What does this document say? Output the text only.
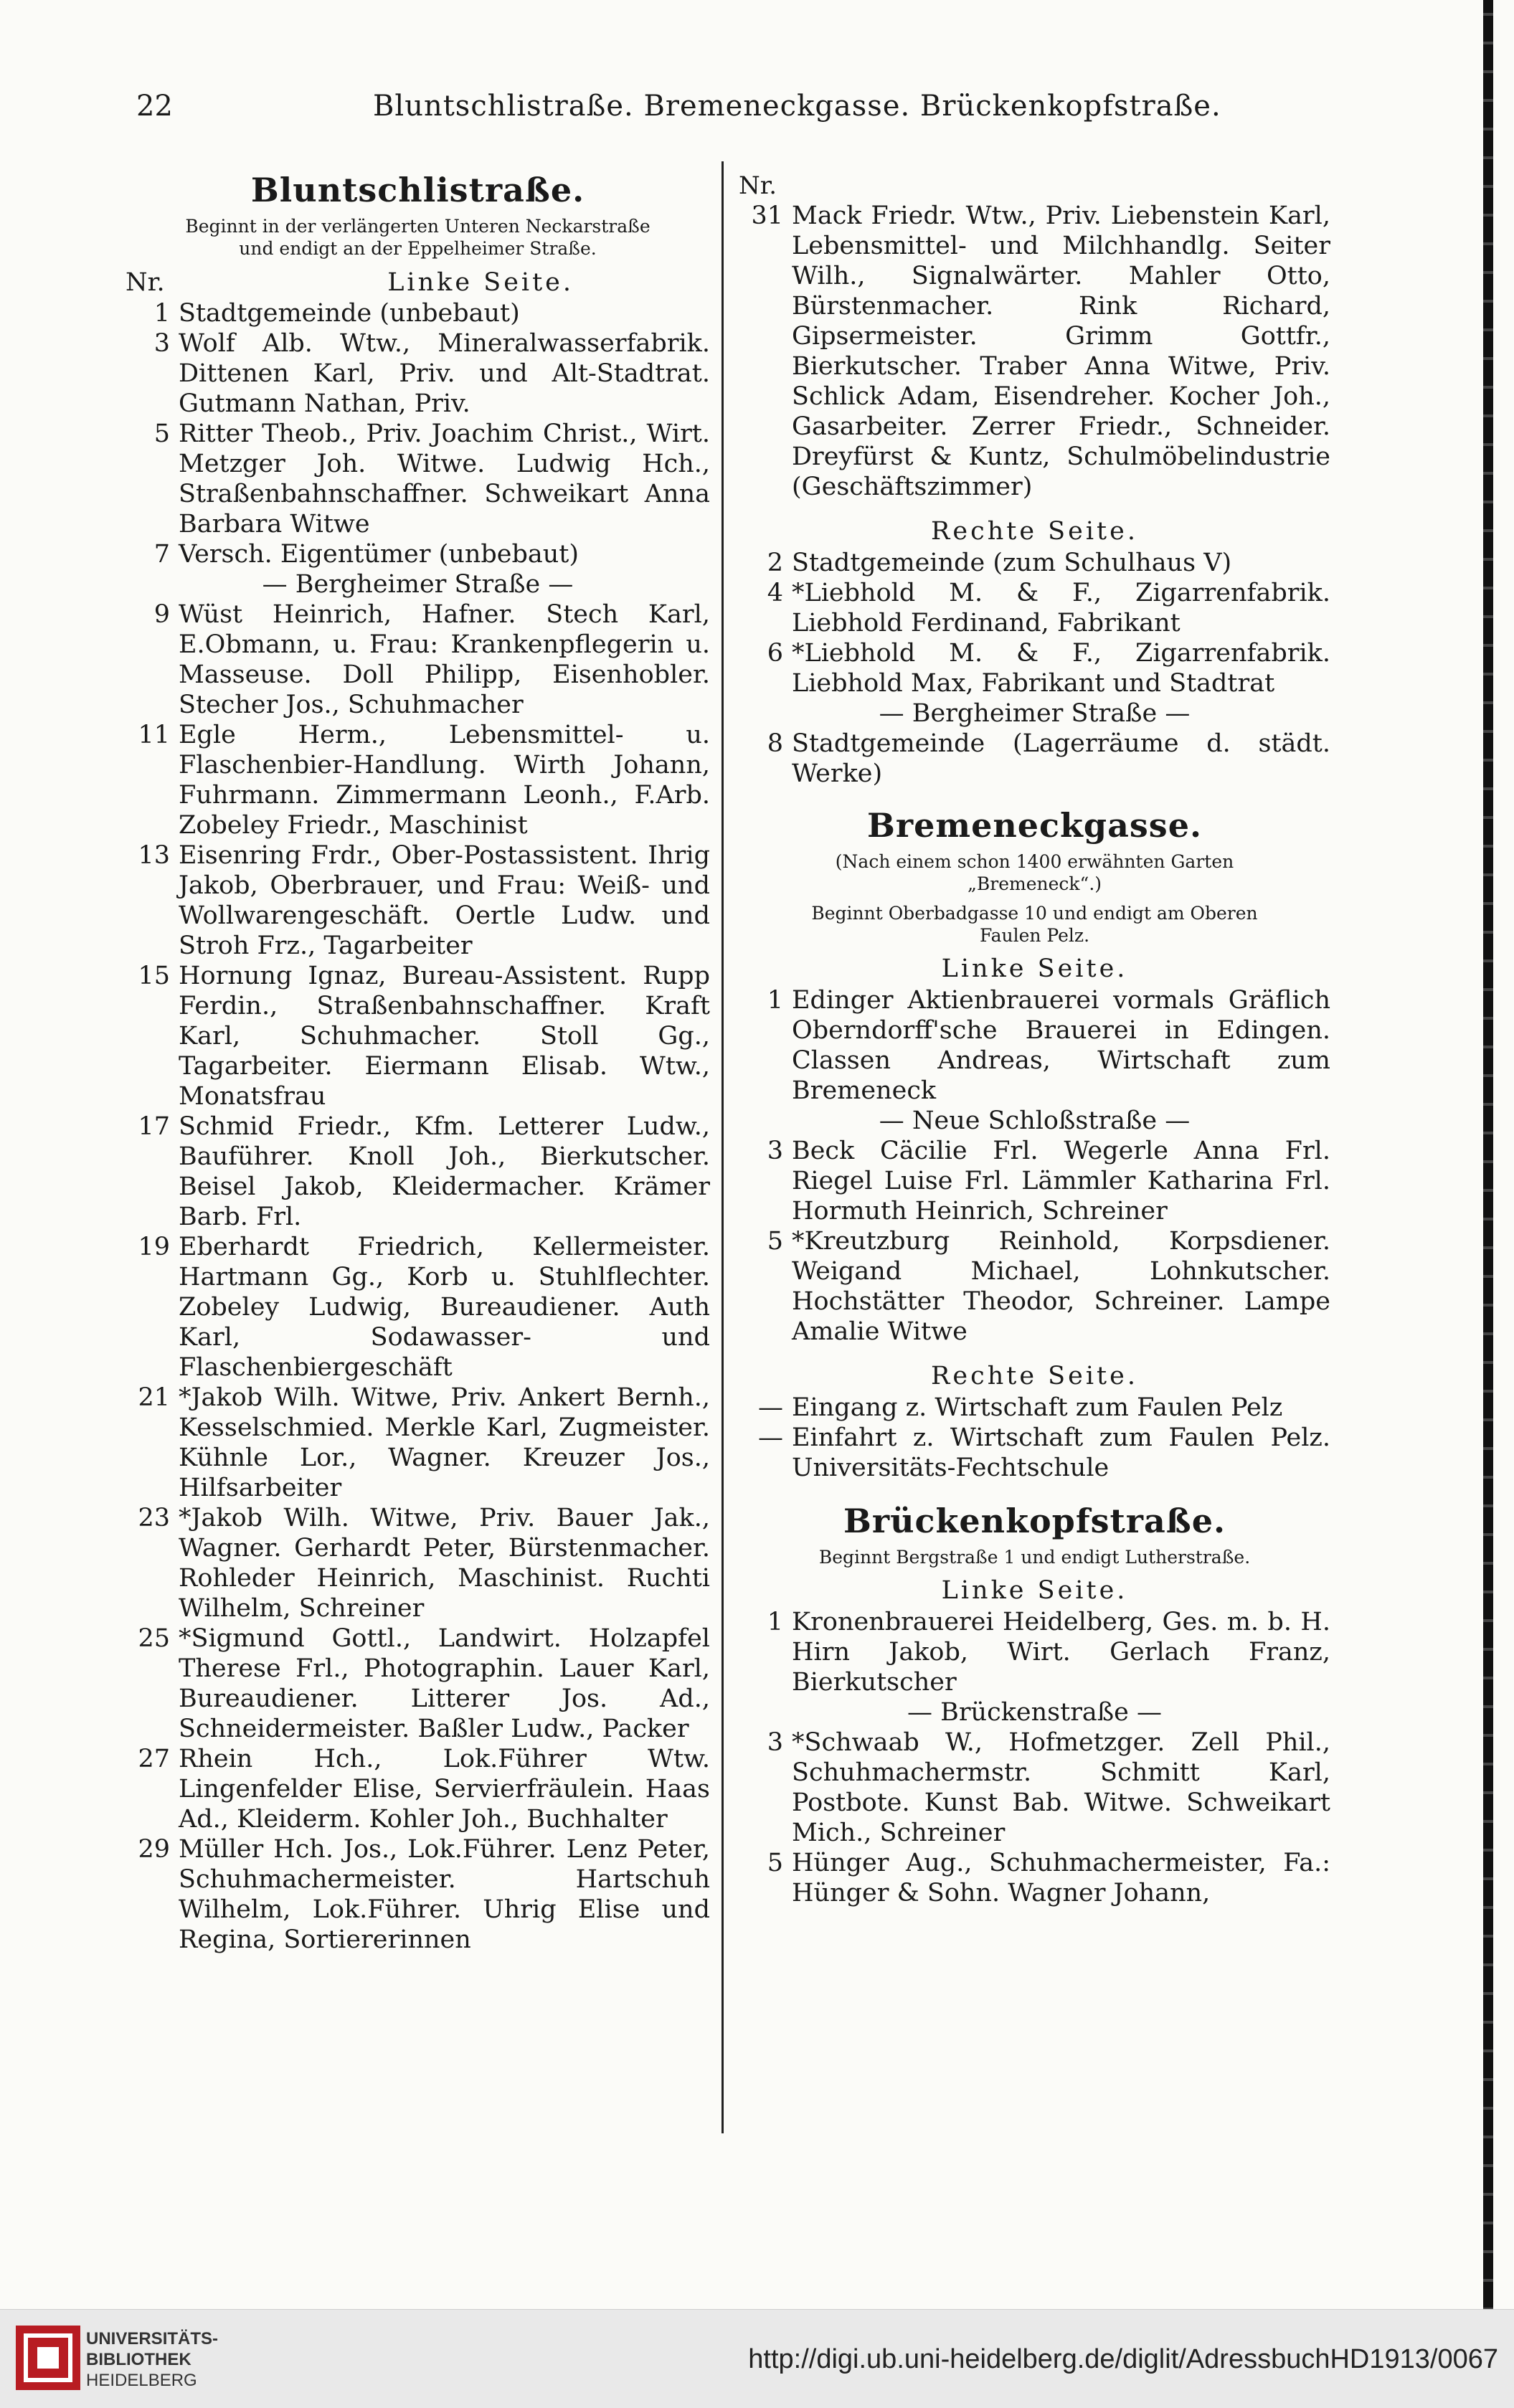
22	Bluntschlistraße. Bremeneckgasse. Brückenkopfstraße.
Bluntschlistraße.
Beginnt in der verlängerten Unteren Neckarstraße
und endigt an der Eppelheimer Straße.
Nr.	Linke Seite.
1 Stadtgemeinde (unbebaut)
3 Wolf Alb. Wtw., Mineralwasserfabrik. Dittenen Karl, Priv. und Alt-Stadtrat. Gutmann Nathan, Priv.
5 Ritter Theob., Priv. Joachim Christ., Wirt. Metzger Joh. Witwe. Ludwig Hch., Straßenbahnschaffner. Schweikart Anna Barbara Witwe
7 Versch. Eigentümer (unbebaut)
— Bergheimer Straße —
9 Wüst Heinrich, Hafner. Stech Karl, E.Obmann, u. Frau: Krankenpflegerin u. Masseuse. Doll Philipp, Eisenhobler. Stecher Jos., Schuhmacher
11 Egle Herm., Lebensmittel- u. Flaschenbier-Handlung. Wirth Johann, Fuhrmann. Zimmermann Leonh., F.Arb. Zobeley Friedr., Maschinist
13 Eisenring Frdr., Ober-Postassistent. Ihrig Jakob, Oberbrauer, und Frau: Weiß- und Wollwarengeschäft. Oertle Ludw. und Stroh Frz., Tagarbeiter
15 Hornung Ignaz, Bureau-Assistent. Rupp Ferdin., Straßenbahnschaffner. Kraft Karl, Schuhmacher. Stoll Gg., Tagarbeiter. Eiermann Elisab. Wtw., Monatsfrau
17 Schmid Friedr., Kfm. Letterer Ludw., Bauführer. Knoll Joh., Bierkutscher. Beisel Jakob, Kleidermacher. Krämer Barb. Frl.
19 Eberhardt Friedrich, Kellermeister. Hartmann Gg., Korb u. Stuhlflechter. Zobeley Ludwig, Bureaudiener. Auth Karl, Sodawasser- und Flaschenbiergeschäft
21 *Jakob Wilh. Witwe, Priv. Ankert Bernh., Kesselschmied. Merkle Karl, Zugmeister. Kühnle Lor., Wagner. Kreuzer Jos., Hilfsarbeiter
23 *Jakob Wilh. Witwe, Priv. Bauer Jak., Wagner. Gerhardt Peter, Bürstenmacher. Rohleder Heinrich, Maschinist. Ruchti Wilhelm, Schreiner
25 *Sigmund Gottl., Landwirt. Holzapfel Therese Frl., Photographin. Lauer Karl, Bureaudiener. Litterer Jos. Ad., Schneidermeister. Baßler Ludw., Packer
27 Rhein Hch., Lok.Führer Wtw. Lingenfelder Elise, Servierfräulein. Haas Ad., Kleiderm. Kohler Joh., Buchhalter
29 Müller Hch. Jos., Lok.Führer. Lenz Peter, Schuhmachermeister. Hartschuh Wilhelm, Lok.Führer. Uhrig Elise und Regina, Sortiererinnen
Nr.
31 Mack Friedr. Wtw., Priv. Liebenstein Karl, Lebensmittel- und Milchhandlg. Seiter Wilh., Signalwärter. Mahler Otto, Bürstenmacher. Rink Richard, Gipsermeister. Grimm Gottfr., Bierkutscher. Traber Anna Witwe, Priv. Schlick Adam, Eisendreher. Kocher Joh., Gasarbeiter. Zerrer Friedr., Schneider. Dreyfürst & Kuntz, Schulmöbelindustrie (Geschäftszimmer)
Rechte Seite.
2 Stadtgemeinde (zum Schulhaus V)
4 *Liebhold M. & F., Zigarrenfabrik. Liebhold Ferdinand, Fabrikant
6 *Liebhold M. & F., Zigarrenfabrik. Liebhold Max, Fabrikant und Stadtrat
— Bergheimer Straße —
8 Stadtgemeinde (Lagerräume d. städt. Werke)
Bremeneckgasse.
(Nach einem schon 1400 erwähnten Garten
„Bremeneck“.)
Beginnt Oberbadgasse 10 und endigt am Oberen
Faulen Pelz.
Linke Seite.
1 Edinger Aktienbrauerei vormals Gräflich Oberndorff'sche Brauerei in Edingen. Classen Andreas, Wirtschaft zum Bremeneck
— Neue Schloßstraße —
3 Beck Cäcilie Frl. Wegerle Anna Frl. Riegel Luise Frl. Lämmler Katharina Frl. Hormuth Heinrich, Schreiner
5 *Kreutzburg Reinhold, Korpsdiener. Weigand Michael, Lohnkutscher. Hochstätter Theodor, Schreiner. Lampe Amalie Witwe
Rechte Seite.
— Eingang z. Wirtschaft zum Faulen Pelz
— Einfahrt z. Wirtschaft zum Faulen Pelz. Universitäts-Fechtschule
Brückenkopfstraße.
Beginnt Bergstraße 1 und endigt Lutherstraße.
Linke Seite.
1 Kronenbrauerei Heidelberg, Ges. m. b. H. Hirn Jakob, Wirt. Gerlach Franz, Bierkutscher
— Brückenstraße —
3 *Schwaab W., Hofmetzger. Zell Phil., Schuhmachermstr. Schmitt Karl, Postbote. Kunst Bab. Witwe. Schweikart Mich., Schreiner
5 Hünger Aug., Schuhmachermeister, Fa.: Hünger & Sohn. Wagner Johann,
UNIVERSITÄTS-
BIBLIOTHEK
HEIDELBERG
http://digi.ub.uni-heidelberg.de/diglit/AdressbuchHD1913/0067
